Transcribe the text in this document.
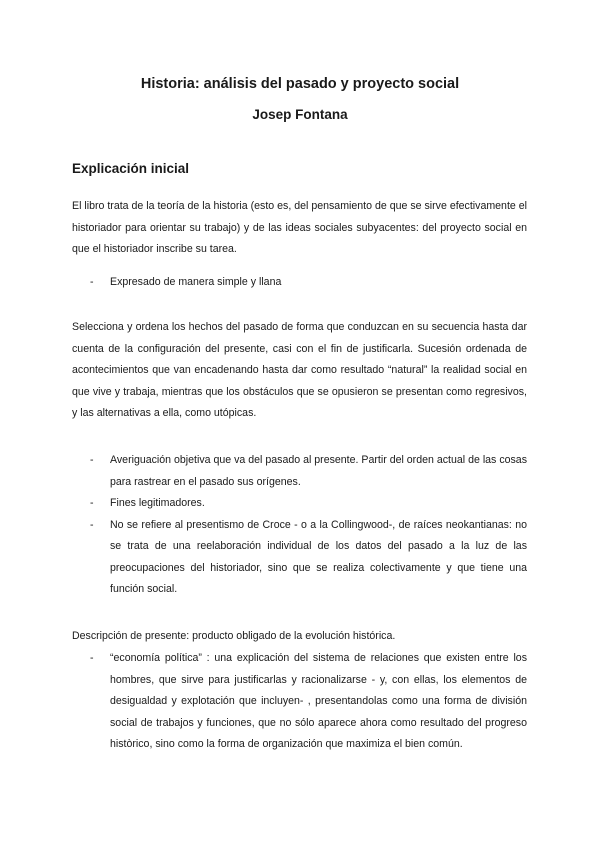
Historia: análisis del pasado y proyecto social
Josep Fontana
Explicación inicial

El libro trata de la teoría de la historia (esto es, del pensamiento de que se sirve efectivamente el historiador para orientar su trabajo) y de las ideas sociales subyacentes: del proyecto social en que el historiador inscribe su tarea.

- Expresado de manera simple y llana

Selecciona y ordena los hechos del pasado de forma que conduzcan en su secuencia hasta dar cuenta de la configuración del presente, casi con el fin de justificarla. Sucesión ordenada de acontecimientos que van encadenando hasta dar como resultado “natural” la realidad social en que vive y trabaja, mientras que los obstáculos que se opusieron se presentan como regresivos, y las alternativas a ella, como utópicas.

- Averiguación objetiva que va del pasado al presente. Partir del orden actual de las cosas para rastrear en el pasado sus orígenes.
- Fines legitimadores.
- No se refiere al presentismo de Croce - o a la Collingwood-, de raíces neokantianas: no se trata de una reelaboración individual de los datos del pasado a la luz de las preocupaciones del historiador, sino que se realiza colectivamente y que tiene una función social.

Descripción de presente: producto obligado de la evolución histórica.

- “economía política” : una explicación del sistema de relaciones que existen entre los hombres, que sirve para justificarlas y racionalizarse - y, con ellas, los elementos de desigualdad y explotación que incluyen- , presentandolas como una forma de división social de trabajos y funciones, que no sólo aparece ahora como resultado del progreso històrico, sino como la forma de organización que maximiza el bien común.
